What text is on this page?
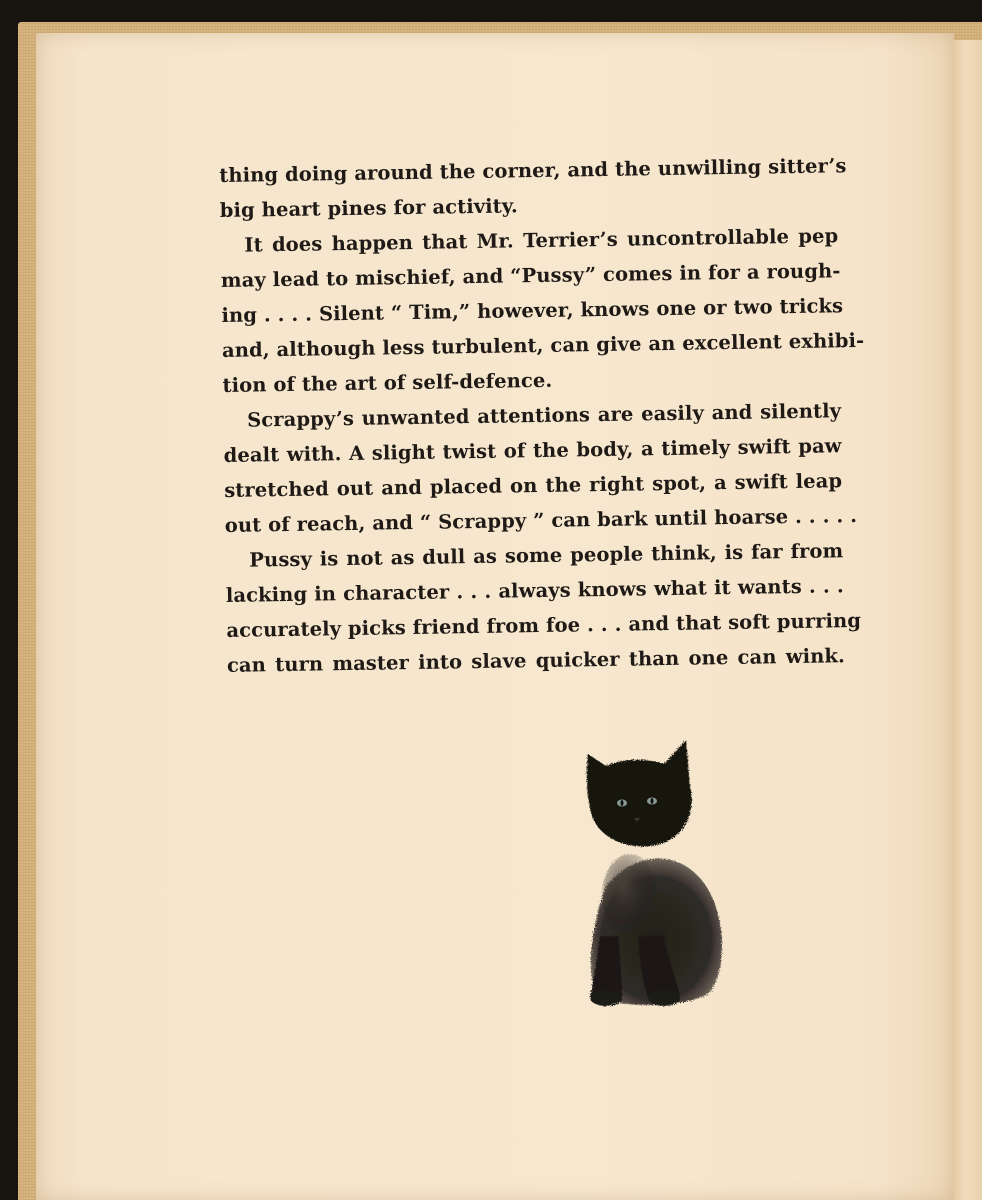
thing doing around the corner, and the unwilling sitter’s
big heart pines for activity.
It does happen that Mr. Terrier’s uncontrollable pep
may lead to mischief, and “Pussy” comes in for a rough-
ing . . . . Silent “ Tim,” however, knows one or two tricks
and, although less turbulent, can give an excellent exhibi-
tion of the art of self-defence.
Scrappy’s unwanted attentions are easily and silently
dealt with. A slight twist of the body, a timely swift paw
stretched out and placed on the right spot, a swift leap
out of reach, and “ Scrappy ” can bark until hoarse . . . . .
Pussy is not as dull as some people think, is far from
lacking in character . . . always knows what it wants . . .
accurately picks friend from foe . . . and that soft purring
can turn master into slave quicker than one can wink.
